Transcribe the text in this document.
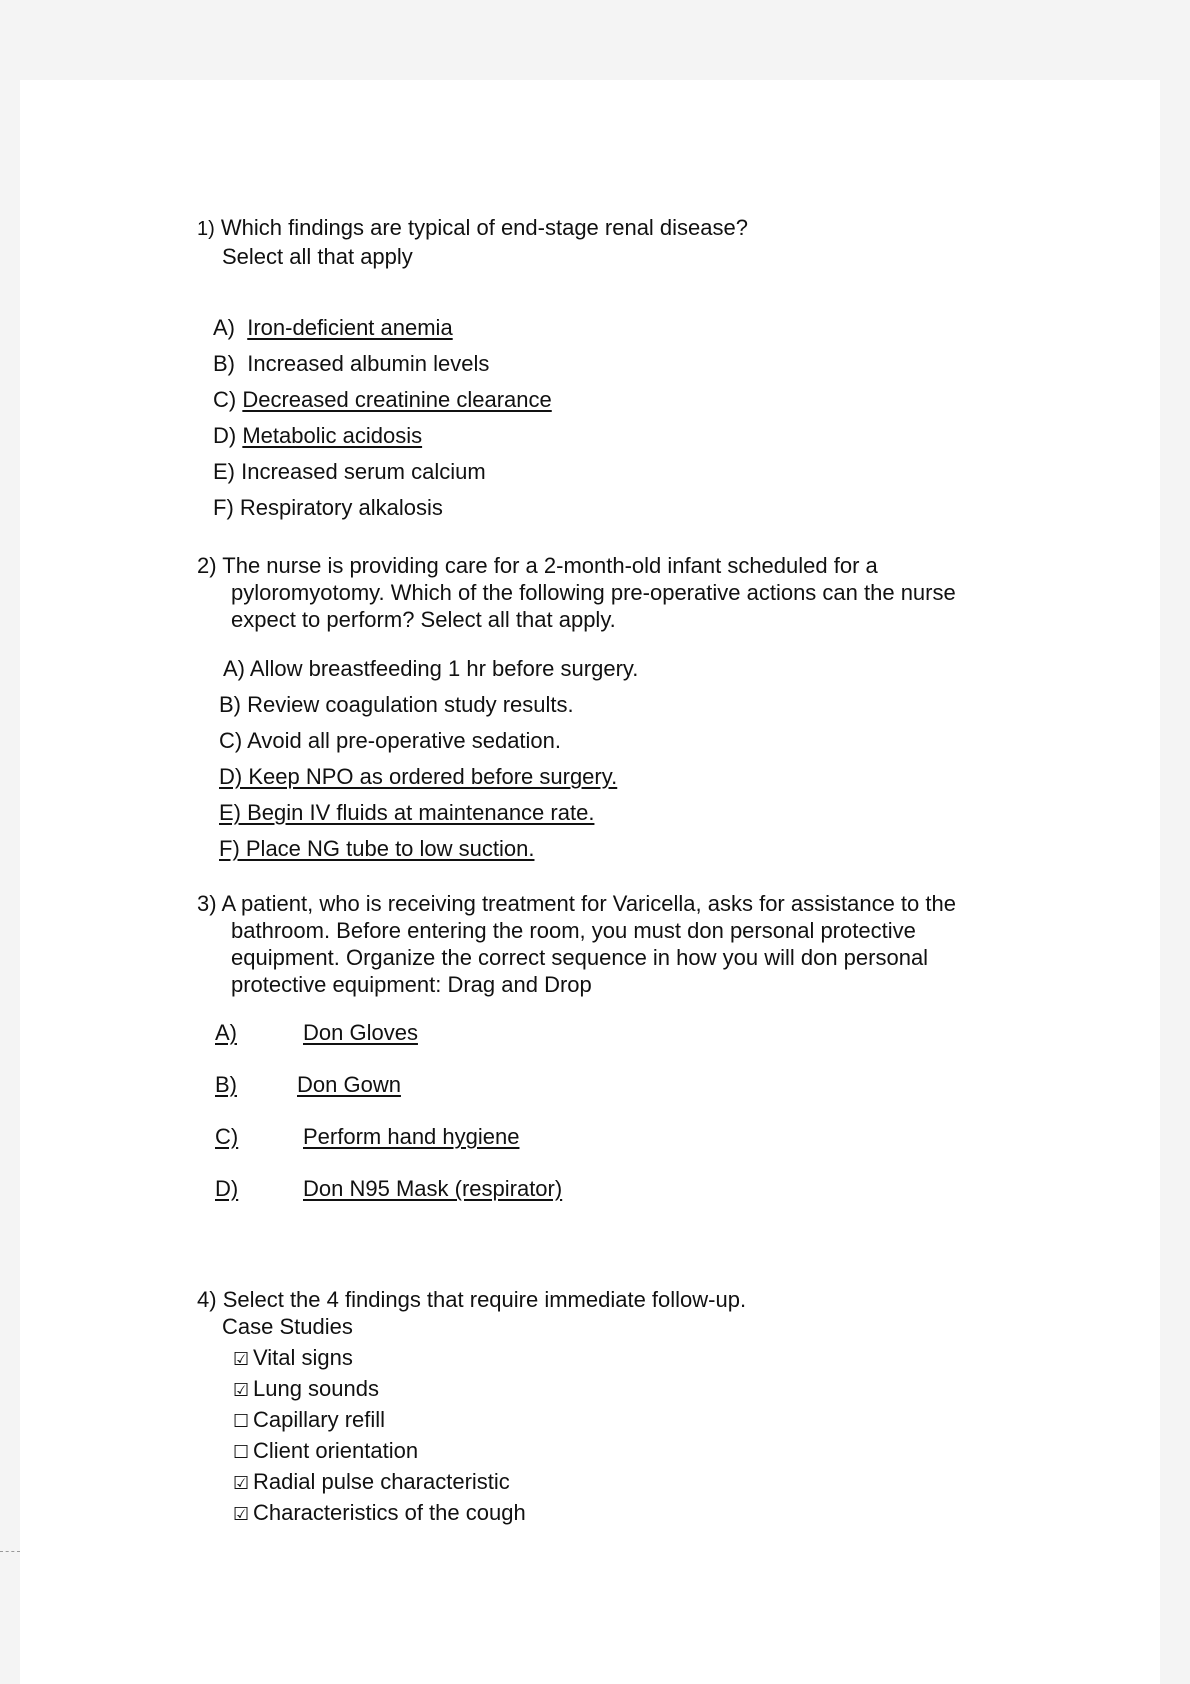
1) Which findings are typical of end-stage renal disease?

Select all that apply

A) Iron-deficient anemia
B) Increased albumin levels
C) Decreased creatinine clearance
D) Metabolic acidosis
E) Increased serum calcium
F) Respiratory alkalosis

2) The nurse is providing care for a 2-month-old infant scheduled for a

pyloromyotomy. Which of the following pre-operative actions can the nurse

expect to perform? Select all that apply.

A) Allow breastfeeding 1 hr before surgery.
B) Review coagulation study results.
C) Avoid all pre-operative sedation.
D) Keep NPO as ordered before surgery.
E) Begin IV fluids at maintenance rate.
F) Place NG tube to low suction.

3) A patient, who is receiving treatment for Varicella, asks for assistance to the

bathroom. Before entering the room, you must don personal protective

equipment. Organize the correct sequence in how you will don personal

protective equipment: Drag and Drop

A)	Don Gloves
B)	Don Gown
C)	Perform hand hygiene
D)	Don N95 Mask (respirator)

4) Select the 4 findings that require immediate follow-up.

Case Studies

☑ Vital signs
☑ Lung sounds
☐ Capillary refill
☐ Client orientation
☑ Radial pulse characteristic
☑ Characteristics of the cough
